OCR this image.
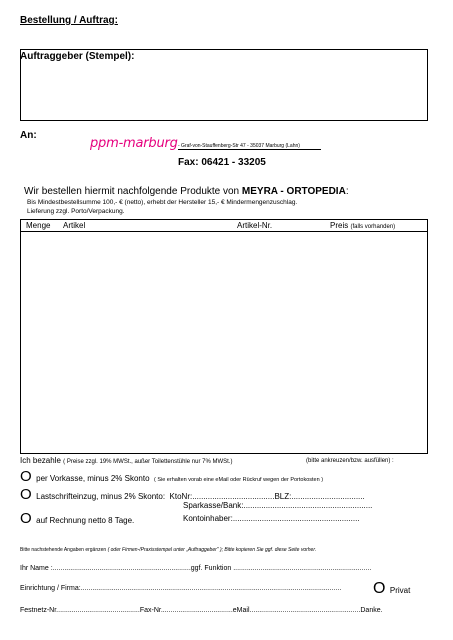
Bestellung / Auftrag:
Auftraggeber (Stempel):
An:
ppm-marburg - Graf-von-Stauffenberg-Str 47 - 35037 Marburg (Lahn)
Fax: 06421 - 33205
Wir bestellen hiermit nachfolgende Produkte von MEYRA - ORTOPEDIA:
Bis Mindestbestellsumme 100,- € (netto), erhebt der Hersteller 15,- € Mindermengenzuschlag.
Lieferung zzgl. Porto/Verpackung.
Menge Artikel	Artikel-Nr.	Preis (falls vorhanden)
Ich bezahle ( Preise zzgl. 19% MWSt., außer Toilettenstühle nur 7% MWSt.)	(bitte ankreuzen/bzw. ausfüllen) :
O per Vorkasse, minus 2% Skonto ( Sie erhalten vorab eine eMail oder Rückruf wegen der Portokosten )
O Lastschrifteinzug, minus 2% Skonto: KtoNr:.....................................BLZ:.................................
Sparkasse/Bank:..........................................................
O auf Rechnung netto 8 Tage.	Kontoinhaber:.........................................................
Bitte nachstehende Angaben ergänzen ( oder Firmen-/Praxisstempel unter „Auftraggeber" ); Bitte kopieren Sie ggf. diese Seite vorher.
Ihr Name :.......................................................................ggf. Funktion .......................................................................
Einrichtung / Firma:...................................................................................................................................... O Privat
Festnetz-Nr...........................................Fax-Nr.....................................eMail.........................................................Danke.
